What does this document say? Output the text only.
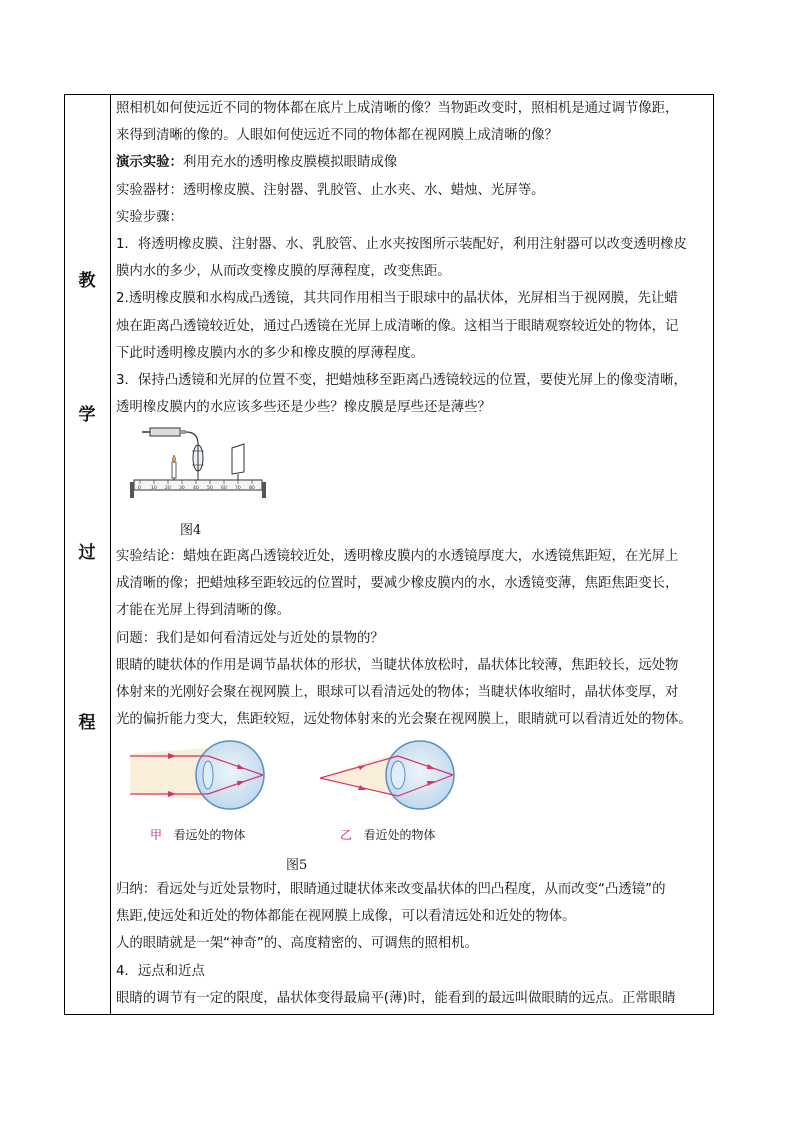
教
学
过
程

照相机如何使远近不同的物体都在底片上成清晰的像？当物距改变时，照相机是通过调节像距，

来得到清晰的像的。人眼如何使远近不同的物体都在视网膜上成清晰的像？

演示实验：利用充水的透明橡皮膜模拟眼睛成像

实验器材：透明橡皮膜、注射器、乳胶管、止水夹、水、蜡烛、光屏等。

实验步骤：

1．将透明橡皮膜、注射器、水、乳胶管、止水夹按图所示装配好，利用注射器可以改变透明橡皮

膜内水的多少，从而改变橡皮膜的厚薄程度，改变焦距。

2.透明橡皮膜和水构成凸透镜，其共同作用相当于眼球中的晶状体，光屏相当于视网膜，先让蜡

烛在距离凸透镜较近处，通过凸透镜在光屏上成清晰的像。这相当于眼睛观察较近处的物体，记

下此时透明橡皮膜内水的多少和橡皮膜的厚薄程度。

3．保持凸透镜和光屏的位置不变，把蜡烛移至距离凸透镜较远的位置，要使光屏上的像变清晰，

透明橡皮膜内的水应该多些还是少些？橡皮膜是厚些还是薄些？

0 10 20 30 40 50 60 70 80
图4

实验结论：蜡烛在距离凸透镜较近处，透明橡皮膜内的水透镜厚度大，水透镜焦距短，在光屏上

成清晰的像；把蜡烛移至距较远的位置时，要减少橡皮膜内的水，水透镜变薄，焦距焦距变长，

才能在光屏上得到清晰的像。

问题：我们是如何看清远处与近处的景物的？

眼睛的睫状体的作用是调节晶状体的形状，当睫状体放松时，晶状体比较薄，焦距较长，远处物

体射来的光刚好会聚在视网膜上，眼球可以看清远处的物体；当睫状体收缩时，晶状体变厚，对

光的偏折能力变大，焦距较短，远处物体射来的光会聚在视网膜上，眼睛就可以看清近处的物体。

甲 看远处的物体	乙 看近处的物体
图5

归纳：看远处与近处景物时，眼睛通过睫状体来改变晶状体的凹凸程度，从而改变“凸透镜”的

焦距,使远处和近处的物体都能在视网膜上成像，可以看清远处和近处的物体。

人的眼睛就是一架“神奇”的、高度精密的、可调焦的照相机。

4．远点和近点

眼睛的调节有一定的限度，晶状体变得最扁平(薄)时，能看到的最远叫做眼睛的远点。正常眼睛
